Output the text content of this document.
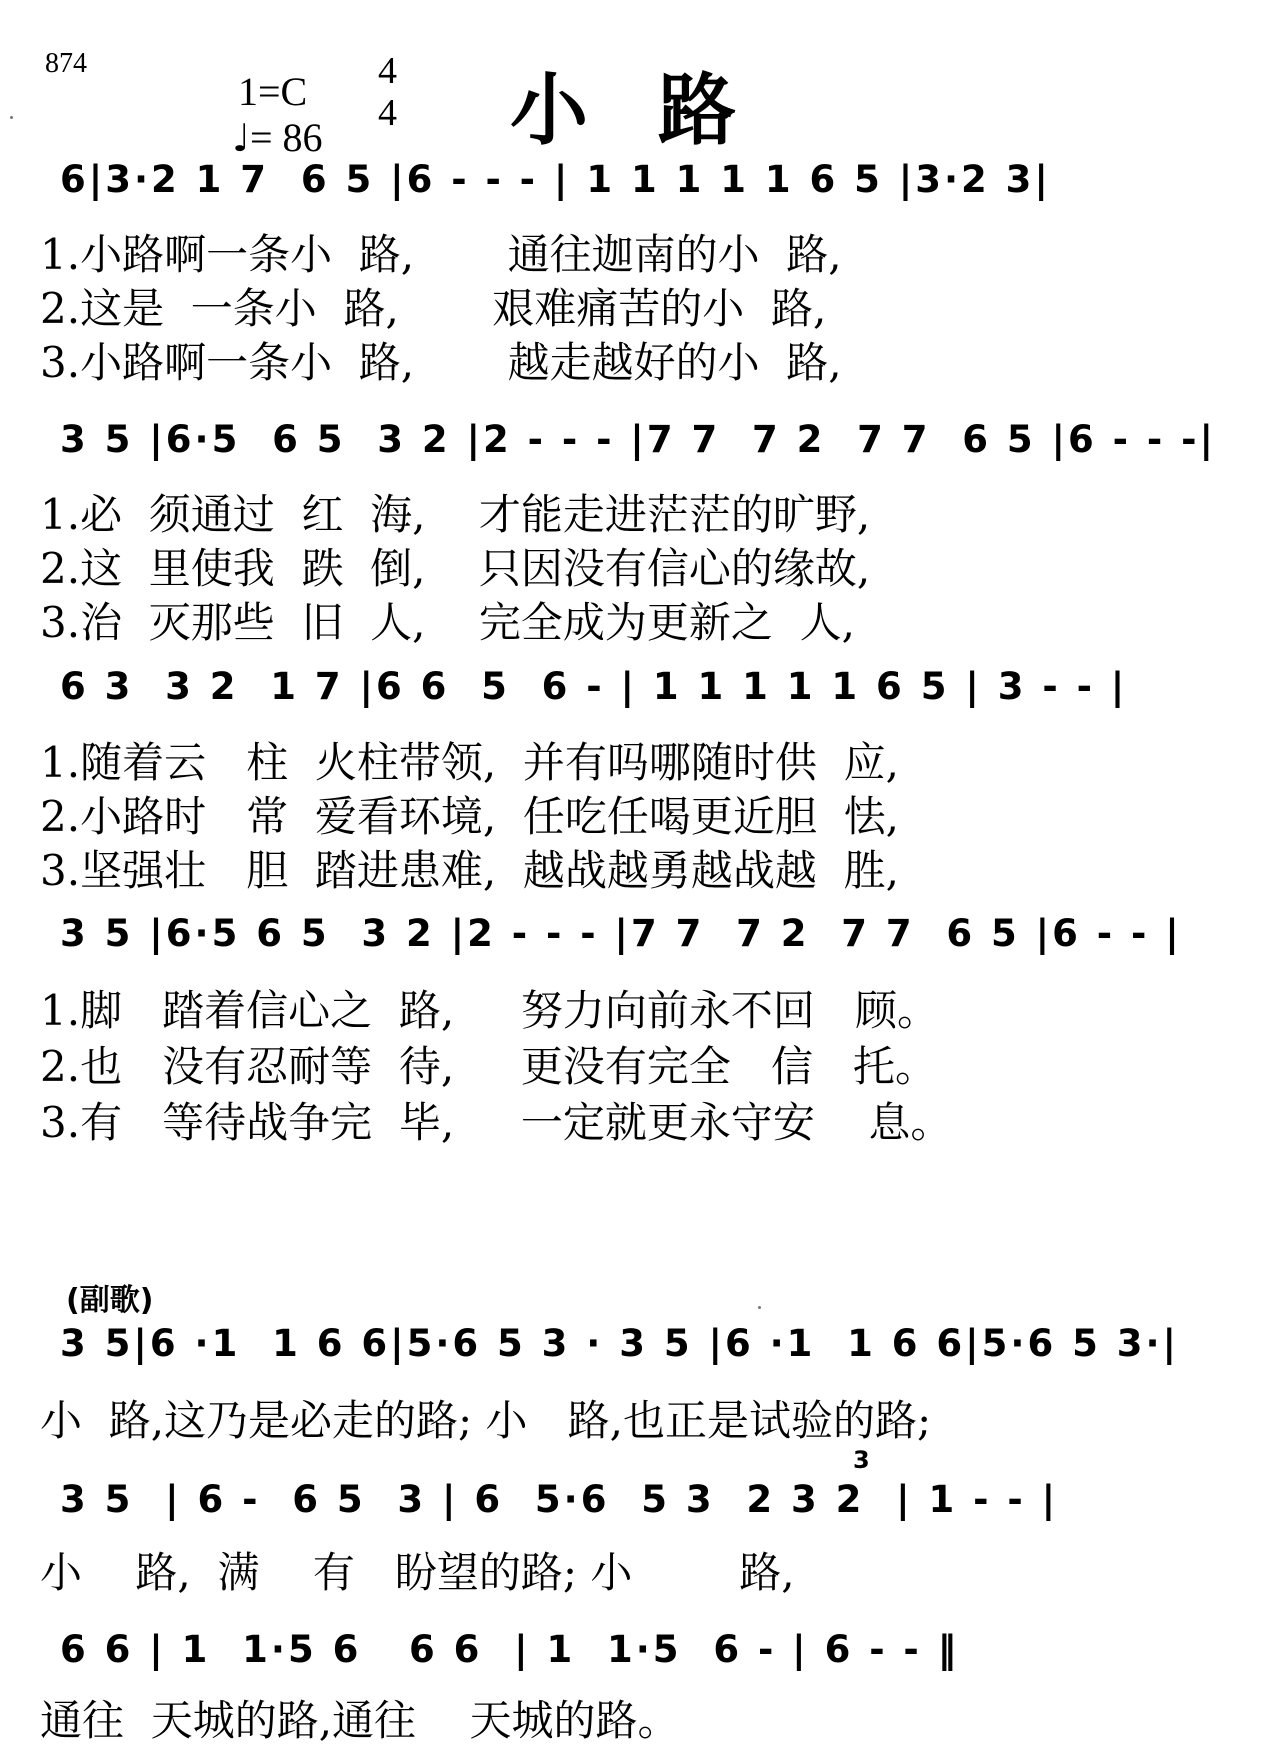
874
1=C 4
4
♩= 86 小路
6|3·2 1 7  6 5 |6 - - - | 1 1 1 1 1 6 5 |3·2 3|
1.小路啊一条小  路,       通往迦南的小  路,
2.这是  一条小  路,       艰难痛苦的小  路,
3.小路啊一条小  路,       越走越好的小  路,
3 5 |6·5  6 5  3 2 |2 - - - |7 7  7 2  7 7  6 5 |6 - - -|
1.必  须通过  红  海,    才能走进茫茫的旷野,
2.这  里使我  跌  倒,    只因没有信心的缘故,
3.治  灭那些  旧  人,    完全成为更新之  人,
6 3  3 2  1 7 |6 6  5  6 - | 1 1 1 1 1 6 5 | 3 - - |
1.随着云   柱  火柱带领,  并有吗哪随时供  应,
2.小路时   常  爱看环境,  任吃任喝更近胆  怯,
3.坚强壮   胆  踏进患难,  越战越勇越战越  胜,
3 5 |6·5 6 5  3 2 |2 - - - |7 7  7 2  7 7  6 5 |6 - - |
1.脚   踏着信心之  路,     努力向前永不回   顾。
2.也   没有忍耐等  待,     更没有完全   信   托。
3.有   等待战争完  毕,     一定就更永守安    息。
(副歌)
3 5|6 ·1  1 6 6|5·6 5 3 · 3 5 |6 ·1  1 6 6|5·6 5 3·|
小  路,这乃是必走的路; 小   路,也正是试验的路;
3
3 5  | 6 -  6 5  3 | 6  5·6  5 3  2 3 2  | 1 - - |
小    路,  满    有   盼望的路; 小        路,
6 6 | 1  1·5 6   6 6  | 1  1·5  6 - | 6 - - ‖
通往  天城的路,通往    天城的路。
